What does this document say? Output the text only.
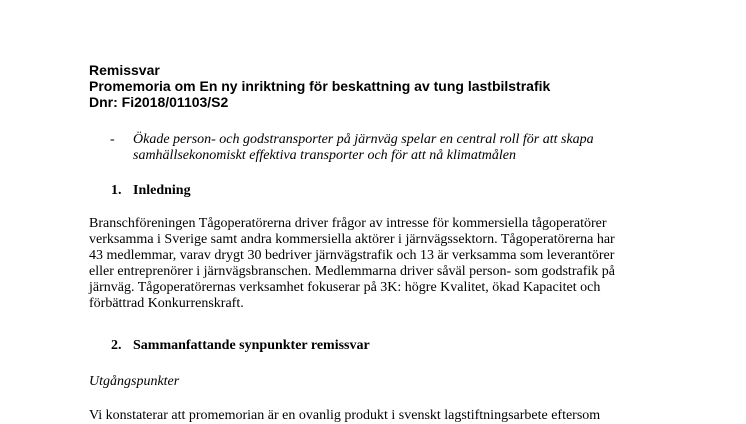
Remissvar
Promemoria om En ny inriktning för beskattning av tung lastbilstrafik
Dnr: Fi2018/01103/S2
- Ökade person- och godstransporter på järnväg spelar en central roll för att skapa
samhällsekonomiskt effektiva transporter och för att nå klimatmålen
1. Inledning
Branschföreningen Tågoperatörerna driver frågor av intresse för kommersiella tågoperatörer
verksamma i Sverige samt andra kommersiella aktörer i järnvägssektorn. Tågoperatörerna har
43 medlemmar, varav drygt 30 bedriver järnvägstrafik och 13 är verksamma som leverantörer
eller entreprenörer i järnvägsbranschen. Medlemmarna driver såväl person- som godstrafik på
järnväg. Tågoperatörernas verksamhet fokuserar på 3K: högre Kvalitet, ökad Kapacitet och
förbättrad Konkurrenskraft.
2. Sammanfattande synpunkter remissvar
Utgångspunkter
Vi konstaterar att promemorian är en ovanlig produkt i svenskt lagstiftningsarbete eftersom
